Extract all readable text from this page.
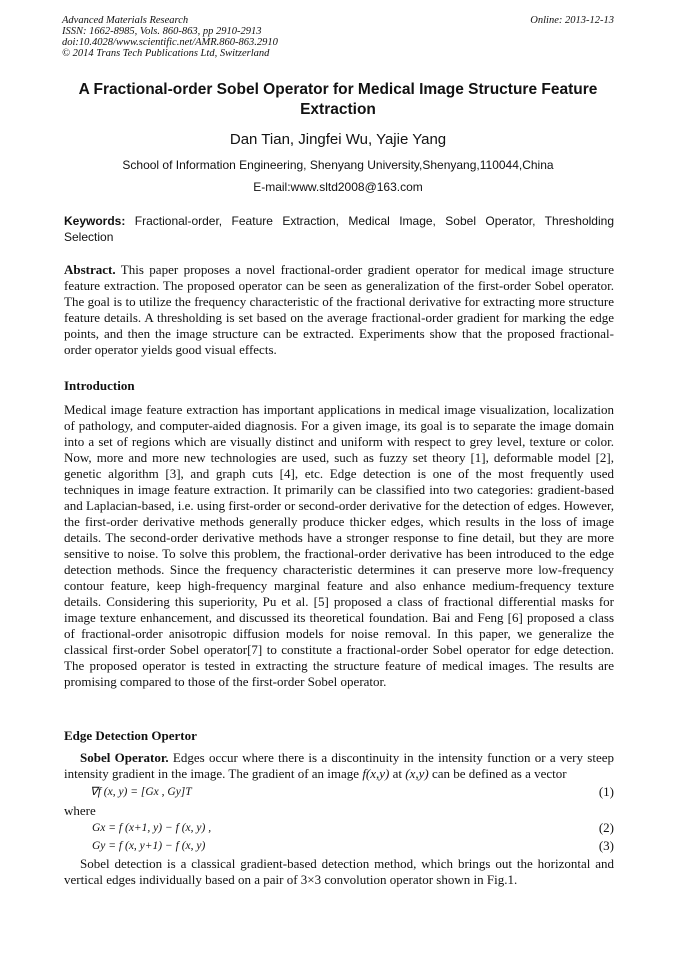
Advanced Materials Research
ISSN: 1662-8985, Vols. 860-863, pp 2910-2913
doi:10.4028/www.scientific.net/AMR.860-863.2910
© 2014 Trans Tech Publications Ltd, Switzerland
Online: 2013-12-13
A Fractional-order Sobel Operator for Medical Image Structure Feature Extraction
Dan Tian, Jingfei Wu, Yajie Yang
School of Information Engineering, Shenyang University,Shenyang,110044,China
E-mail:www.sltd2008@163.com
Keywords: Fractional-order, Feature Extraction, Medical Image, Sobel Operator, Thresholding Selection
Abstract. This paper proposes a novel fractional-order gradient operator for medical image structure feature extraction. The proposed operator can be seen as generalization of the first-order Sobel operator. The goal is to utilize the frequency characteristic of the fractional derivative for extracting more structure feature details. A thresholding is set based on the average fractional-order gradient for marking the edge points, and then the image structure can be extracted. Experiments show that the proposed fractional-order operator yields good visual effects.
Introduction
Medical image feature extraction has important applications in medical image visualization, localization of pathology, and computer-aided diagnosis. For a given image, its goal is to separate the image domain into a set of regions which are visually distinct and uniform with respect to grey level, texture or color. Now, more and more new technologies are used, such as fuzzy set theory [1], deformable model [2], genetic algorithm [3], and graph cuts [4], etc. Edge detection is one of the most frequently used techniques in image feature extraction. It primarily can be classified into two categories: gradient-based and Laplacian-based, i.e. using first-order or second-order derivative for the detection of edges. However, the first-order derivative methods generally produce thicker edges, which results in the loss of image details. The second-order derivative methods have a stronger response to fine detail, but they are more sensitive to noise. To solve this problem, the fractional-order derivative has been introduced to the edge detection methods. Since the frequency characteristic determines it can preserve more low-frequency contour feature, keep high-frequency marginal feature and also enhance medium-frequency texture details. Considering this superiority, Pu et al. [5] proposed a class of fractional differential masks for image texture enhancement, and discussed its theoretical foundation. Bai and Feng [6] proposed a class of fractional-order anisotropic diffusion models for noise removal. In this paper, we generalize the classical first-order Sobel operator[7] to constitute a fractional-order Sobel operator for edge detection. The proposed operator is tested in extracting the structure feature of medical images. The results are promising compared to those of the first-order Sobel operator.
Edge Detection Opertor
Sobel Operator. Edges occur where there is a discontinuity in the intensity function or a very steep intensity gradient in the image. The gradient of an image f(x,y) at (x,y) can be defined as a vector
∇f (x, y) = [Gx , Gy]T	(1)
where
Gx = f (x+1, y) − f (x, y) ,	(2)
Gy = f (x, y+1) − f (x, y)	(3)
Sobel detection is a classical gradient-based detection method, which brings out the horizontal and vertical edges individually based on a pair of 3×3 convolution operator shown in Fig.1.
